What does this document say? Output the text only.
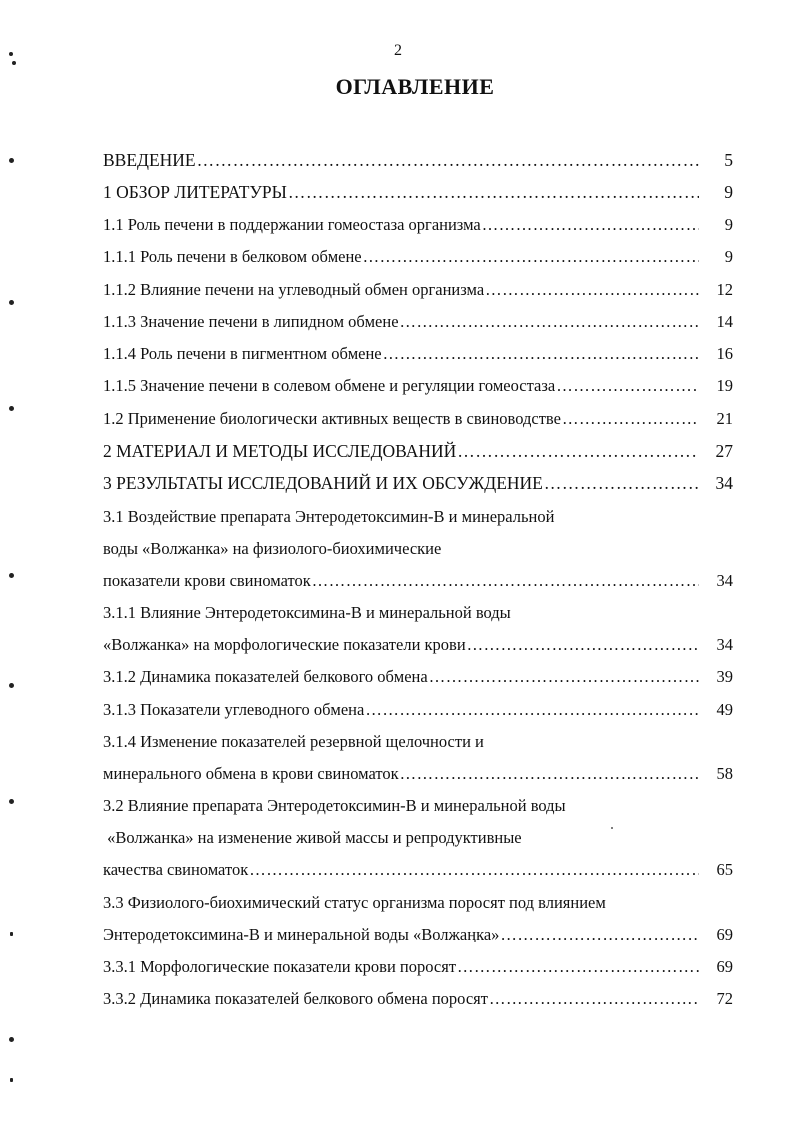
2
ОГЛАВЛЕНИЕ
ВВЕДЕНИЕ ……………………………………………………………………………………………………………………………………………………………………	5
1 ОБЗОР ЛИТЕРАТУРЫ ……………………………………………………………………………………………………………………………………………………………………	9
1.1 Роль печени в поддержании гомеостаза организма ……………………………………………………………………………………………………………………………………………………………………	9
1.1.1 Роль печени в белковом обмене ……………………………………………………………………………………………………………………………………………………………………	9
1.1.2 Влияние печени на углеводный обмен организма ……………………………………………………………………………………………………………………………………………………………………	12
1.1.3 Значение печени в липидном обмене ……………………………………………………………………………………………………………………………………………………………………	14
1.1.4 Роль печени в пигментном обмене ……………………………………………………………………………………………………………………………………………………………………	16
1.1.5 Значение печени в солевом обмене и регуляции гомеостаза ……………………………………………………………………………………………………………………………………………………………………	19
1.2 Применение биологически активных веществ в свиноводстве ……………………………………………………………………………………………………………………………………………………………………	21
2 МАТЕРИАЛ И МЕТОДЫ ИССЛЕДОВАНИЙ ……………………………………………………………………………………………………………………………………………………………………	27
3 РЕЗУЛЬТАТЫ ИССЛЕДОВАНИЙ И ИХ ОБСУЖДЕНИЕ ……………………………………………………………………………………………………………………………………………………………………	34
3.1 Воздействие препарата Энтеродетоксимин-В и минеральной
воды «Волжанка» на физиолого-биохимические
показатели крови свиноматок ……………………………………………………………………………………………………………………………………………………………………	34
3.1.1 Влияние Энтеродетоксимина-В и минеральной воды
«Волжанка» на морфологические показатели крови ……………………………………………………………………………………………………………………………………………………………………	34
3.1.2 Динамика показателей белкового обмена ……………………………………………………………………………………………………………………………………………………………………	39
3.1.3 Показатели углеводного обмена ……………………………………………………………………………………………………………………………………………………………………	49
3.1.4 Изменение показателей резервной щелочности и
минерального обмена в крови свиноматок ……………………………………………………………………………………………………………………………………………………………………	58
3.2 Влияние препарата Энтеродетоксимин-В и минеральной воды
«Волжанка» на изменение живой массы и репродуктивные
качества свиноматок ……………………………………………………………………………………………………………………………………………………………………	65
3.3 Физиолого-биохимический статус организма поросят под влиянием
Энтеродетоксимина-В и минеральной воды «Волжанка» ……………………………………………………………………………………………………………………………………………………………………	69
3.3.1 Морфологические показатели крови поросят ……………………………………………………………………………………………………………………………………………………………………	69
3.3.2 Динамика показателей белкового обмена поросят ……………………………………………………………………………………………………………………………………………………………………	72
